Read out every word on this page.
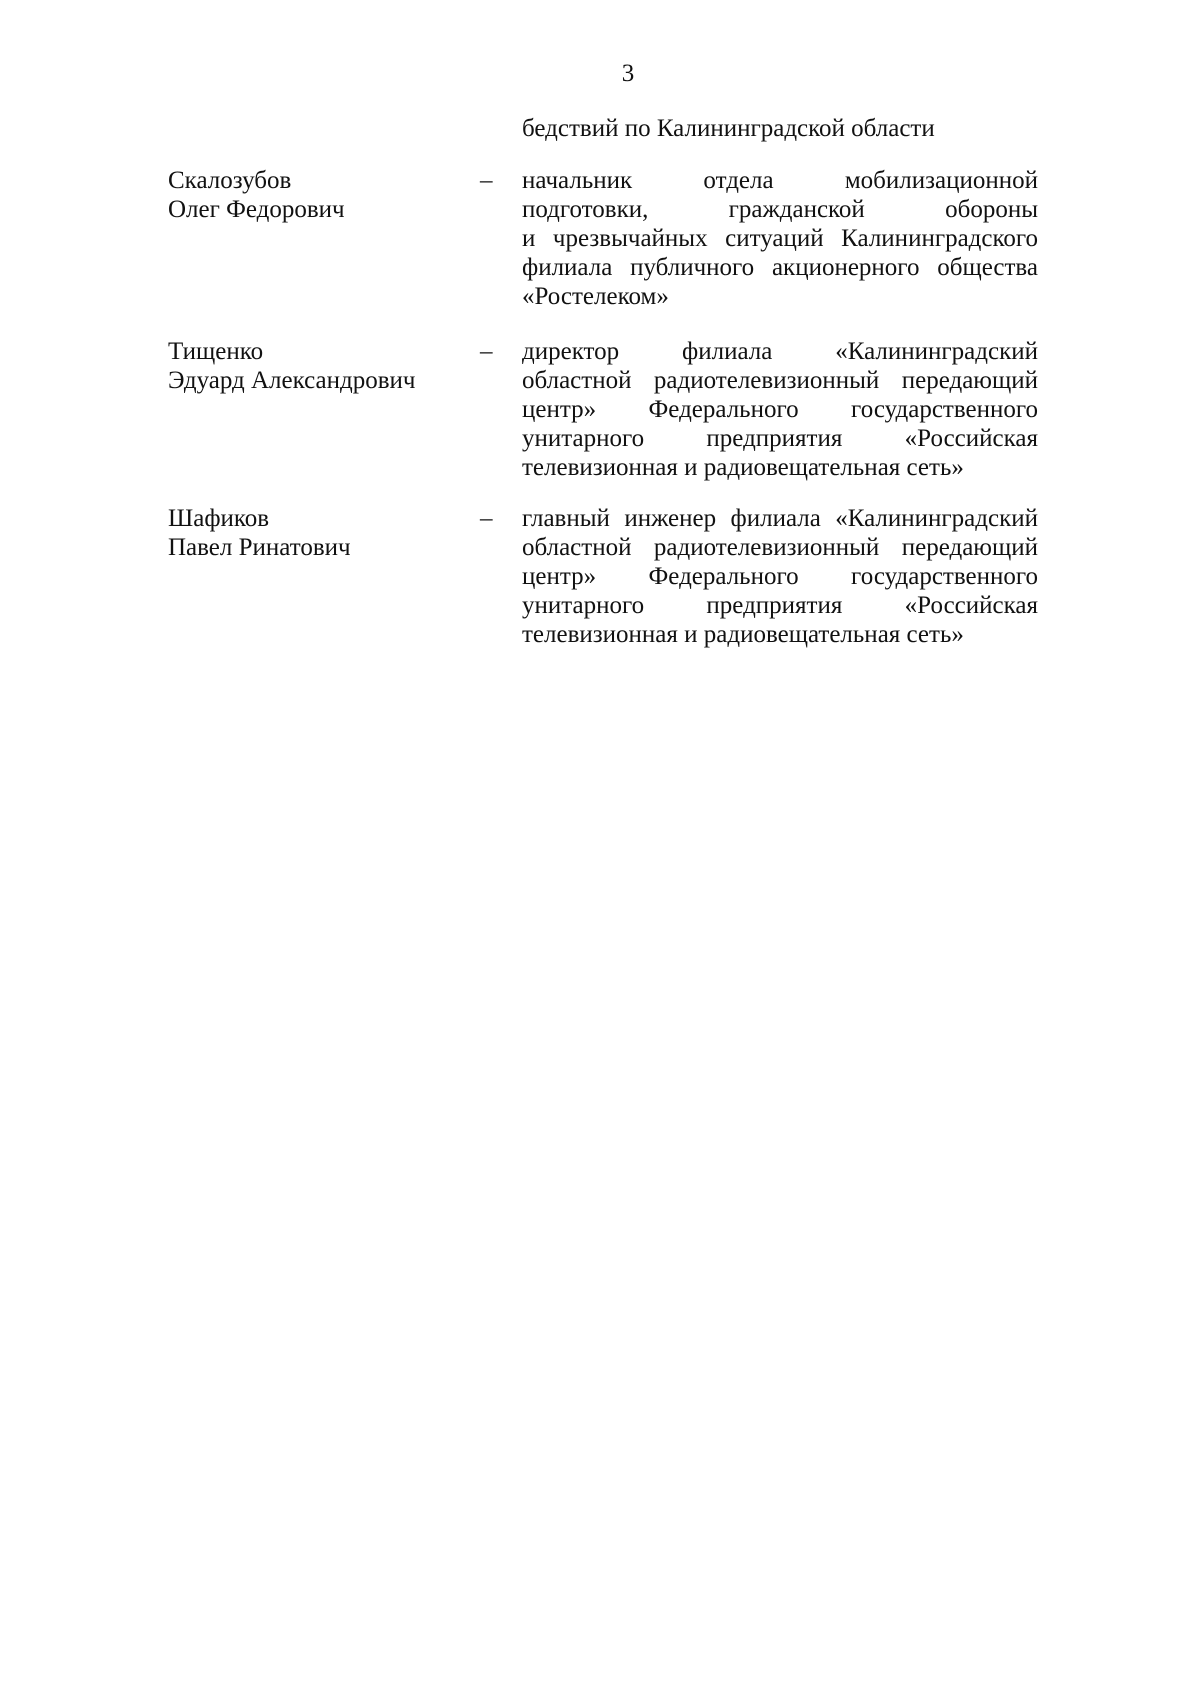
3
бедствий по Калининградской области
Скалозубов
Олег Федорович
– начальник отдела мобилизационной
подготовки, гражданской обороны
и чрезвычайных ситуаций Калининградского
филиала публичного акционерного общества
«Ростелеком»
Тищенко
Эдуард Александрович
– директор филиала «Калининградский
областной радиотелевизионный передающий
центр» Федерального государственного
унитарного предприятия «Российская
телевизионная и радиовещательная сеть»
Шафиков
Павел Ринатович
– главный инженер филиала «Калининградский
областной радиотелевизионный передающий
центр» Федерального государственного
унитарного предприятия «Российская
телевизионная и радиовещательная сеть»
